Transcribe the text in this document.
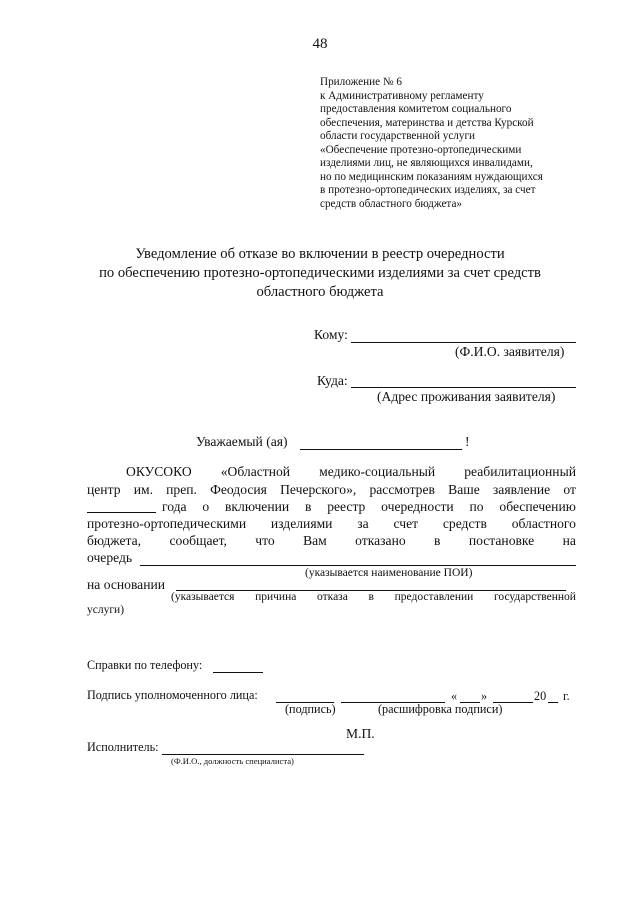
48
Приложение № 6
к Административному регламенту
предоставления комитетом социального
обеспечения, материнства и детства Курской
области государственной услуги
«Обеспечение протезно-ортопедическими
изделиями лиц, не являющихся инвалидами,
но по медицинским показаниям нуждающихся
в протезно-ортопедических изделиях, за счет
средств областного бюджета»
Уведомление об отказе во включении в реестр очередности
по обеспечению протезно-ортопедическими изделиями за счет средств
областного бюджета
Кому:
(Ф.И.О. заявителя)
Куда:
(Адрес проживания заявителя)
Уважаемый (ая)	!
ОКУСОКО «Областной медико-социальный реабилитационный
центр им. преп. Феодосия Печерского», рассмотрев Ваше заявление от
года о включении в реестр очередности по обеспечению
протезно-ортопедическими изделиями за счет средств областного
бюджета, сообщает, что Вам отказано в постановке на
очередь
(указывается наименование ПОИ)
на основании
(указывается причина отказа в предоставлении государственной
услуги)
Справки по телефону:
Подпись уполномоченного лица:	« »	20 г.
(подпись)	(расшифровка подписи)
М.П.
Исполнитель:
(Ф.И.О., должность специалиста)
